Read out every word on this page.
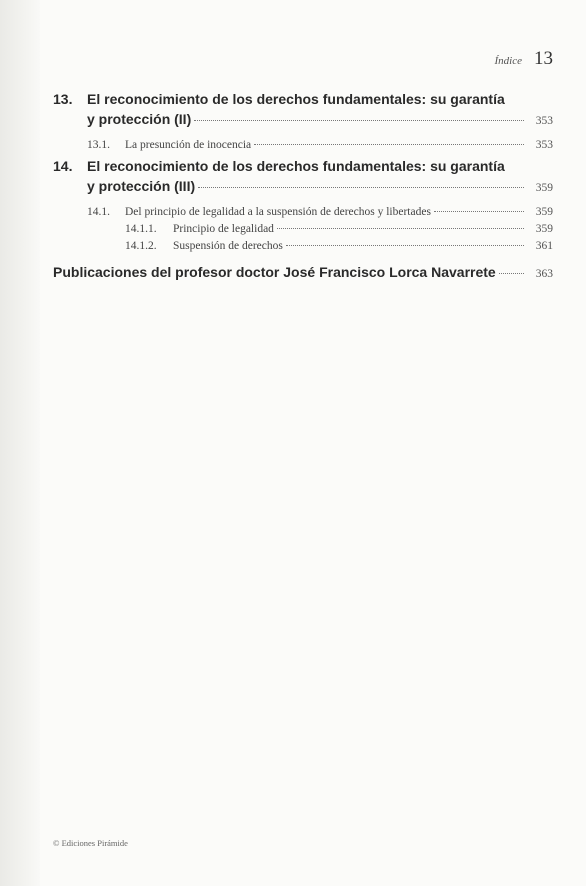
Índice 13
13.	El reconocimiento de los derechos fundamentales: su garantía
y protección (II)	353
13.1. La presunción de inocencia	353
14.	El reconocimiento de los derechos fundamentales: su garantía
y protección (III)	359
14.1. Del principio de legalidad a la suspensión de derechos y libertades	359
14.1.1. Principio de legalidad	359
14.1.2. Suspensión de derechos	361
Publicaciones del profesor doctor José Francisco Lorca Navarrete	363
© Ediciones Pirámide
